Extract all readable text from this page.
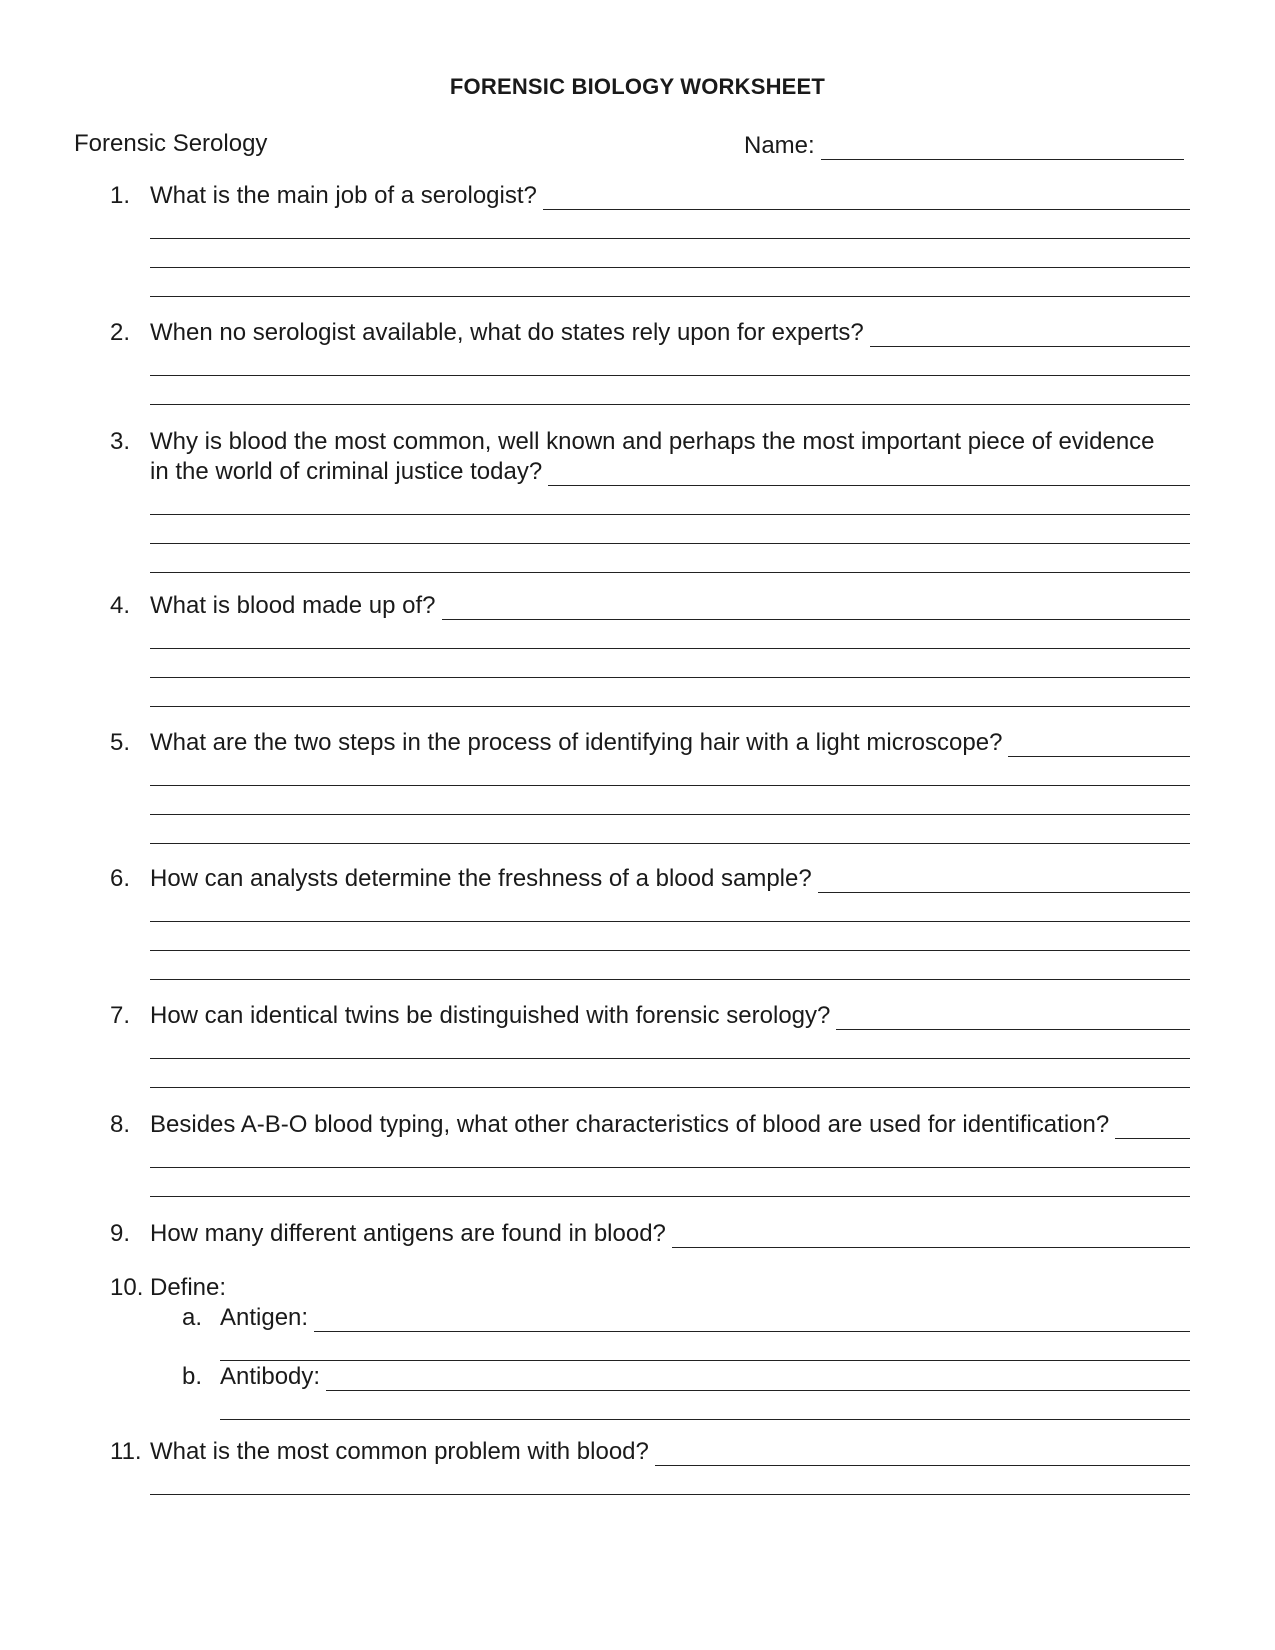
FORENSIC BIOLOGY WORKSHEET
Forensic Serology	Name:
1. What is the main job of a serologist?
2. When no serologist available, what do states rely upon for experts?
3. Why is blood the most common, well known and perhaps the most important piece of evidence
in the world of criminal justice today?
4. What is blood made up of?
5. What are the two steps in the process of identifying hair with a light microscope?
6. How can analysts determine the freshness of a blood sample?
7. How can identical twins be distinguished with forensic serology?
8. Besides A-B-O blood typing, what other characteristics of blood are used for identification?
9. How many different antigens are found in blood?
10. Define:
a. Antigen:
b. Antibody:
11. What is the most common problem with blood?
